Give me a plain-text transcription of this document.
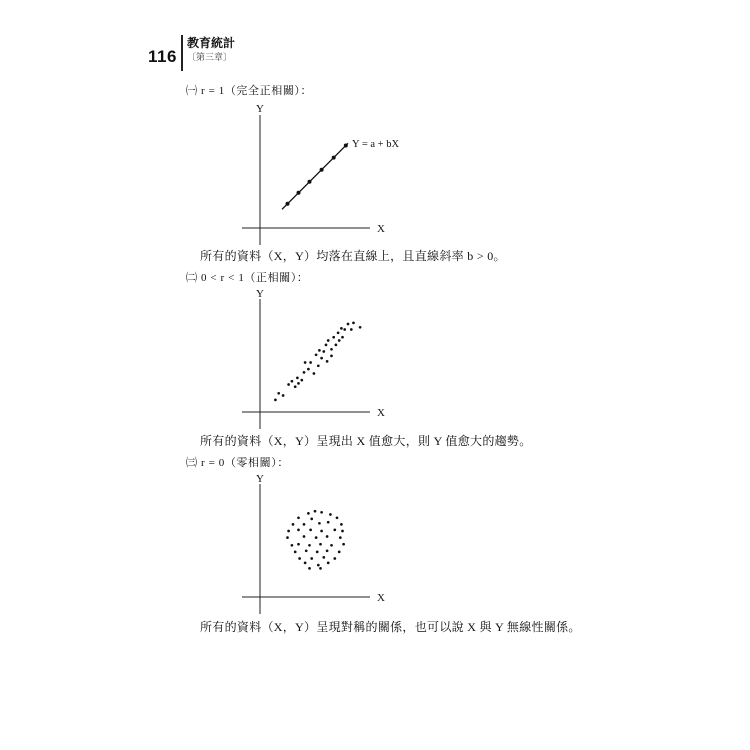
116
教育統計
〔第三章〕
㈠ r = 1（完全正相關）：
Y
X
Y = a + bX
所有的資料（X，Y）均落在直線上，且直線斜率 b > 0。
㈡ 0 < r < 1（正相關）：
Y
X
所有的資料（X，Y）呈現出 X 值愈大，則 Y 值愈大的趨勢。
㈢ r = 0（零相關）：
Y
X
所有的資料（X，Y）呈現對稱的關係，也可以說 X 與 Y 無線性關係。
